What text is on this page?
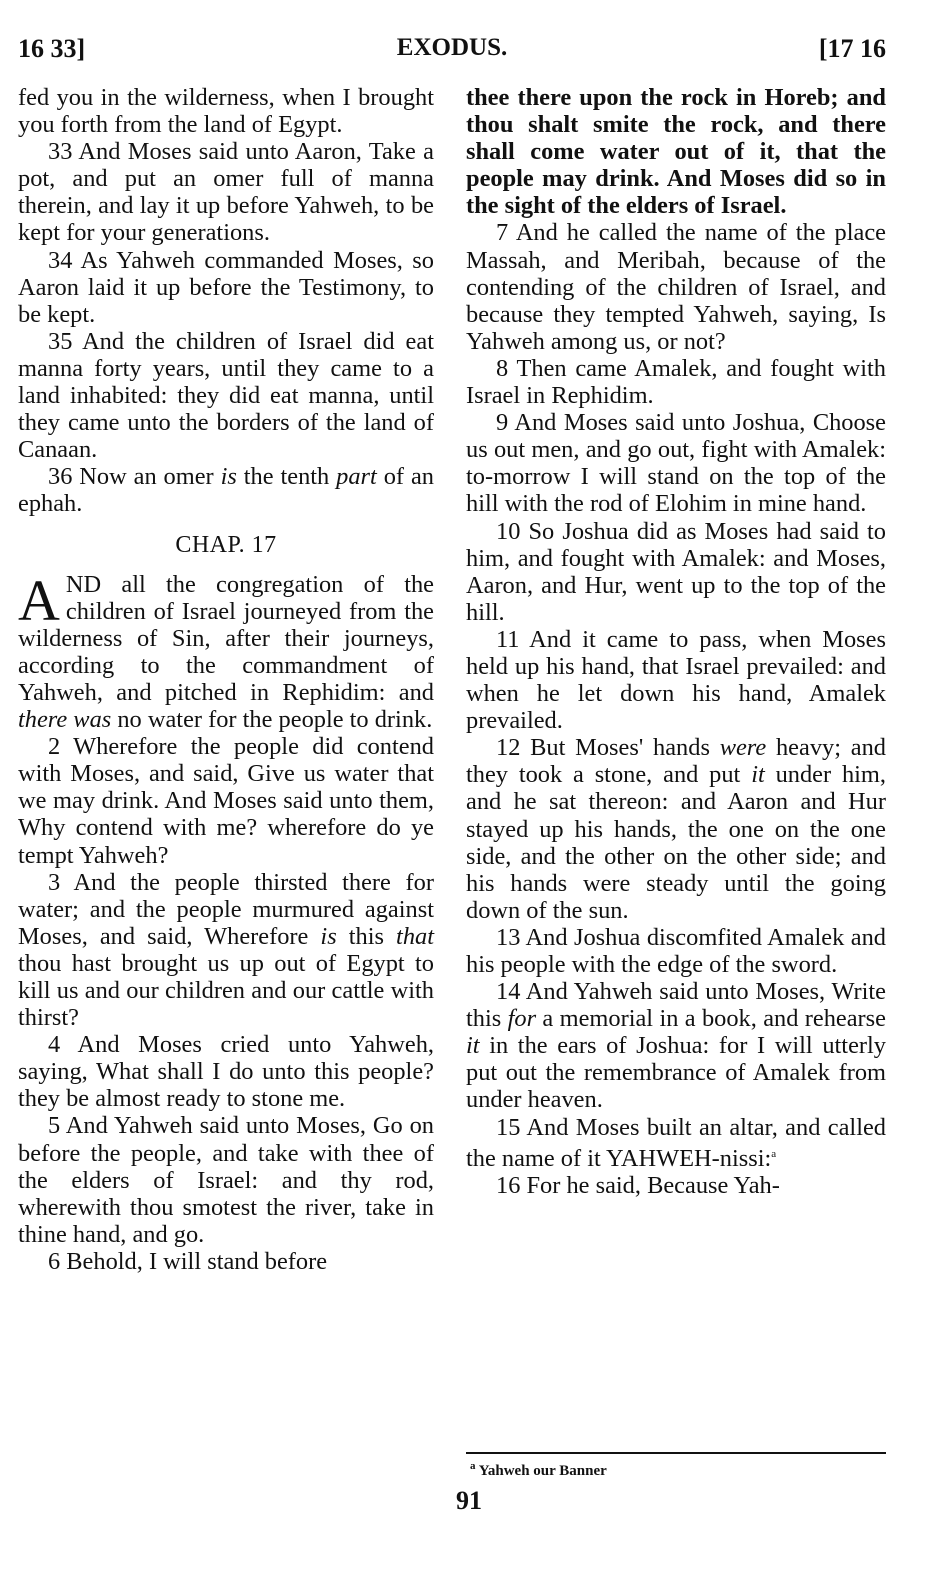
16 33]	EXODUS.	[17 16

fed you in the wilderness, when I brought you forth from the land of Egypt.

33 And Moses said unto Aaron, Take a pot, and put an omer full of manna therein, and lay it up before Yahweh, to be kept for your generations.

34 As Yahweh commanded Moses, so Aaron laid it up before the Testimony, to be kept.

35 And the children of Israel did eat manna forty years, until they came to a land inhabited: they did eat manna, until they came unto the borders of the land of Canaan.

36 Now an omer is the tenth part of an ephah.

CHAP. 17

AND all the congregation of the children of Israel journeyed from the wilderness of Sin, after their journeys, according to the commandment of Yahweh, and pitched in Rephidim: and there was no water for the people to drink.

2 Wherefore the people did contend with Moses, and said, Give us water that we may drink. And Moses said unto them, Why contend with me? wherefore do ye tempt Yahweh?

3 And the people thirsted there for water; and the people murmured against Moses, and said, Wherefore is this that thou hast brought us up out of Egypt to kill us and our children and our cattle with thirst?

4 And Moses cried unto Yahweh, saying, What shall I do unto this people? they be almost ready to stone me.

5 And Yahweh said unto Moses, Go on before the people, and take with thee of the elders of Israel: and thy rod, wherewith thou smotest the river, take in thine hand, and go.

6 Behold, I will stand before

thee there upon the rock in Horeb; and thou shalt smite the rock, and there shall come water out of it, that the people may drink. And Moses did so in the sight of the elders of Israel.

7 And he called the name of the place Massah, and Meribah, because of the contending of the children of Israel, and because they tempted Yahweh, saying, Is Yahweh among us, or not?

8 Then came Amalek, and fought with Israel in Rephidim.

9 And Moses said unto Joshua, Choose us out men, and go out, fight with Amalek: to-morrow I will stand on the top of the hill with the rod of Elohim in mine hand.

10 So Joshua did as Moses had said to him, and fought with Amalek: and Moses, Aaron, and Hur, went up to the top of the hill.

11 And it came to pass, when Moses held up his hand, that Israel prevailed: and when he let down his hand, Amalek prevailed.

12 But Moses' hands were heavy; and they took a stone, and put it under him, and he sat thereon: and Aaron and Hur stayed up his hands, the one on the one side, and the other on the other side; and his hands were steady until the going down of the sun.

13 And Joshua discomfited Amalek and his people with the edge of the sword.

14 And Yahweh said unto Moses, Write this for a memorial in a book, and rehearse it in the ears of Joshua: for I will utterly put out the remembrance of Amalek from under heaven.

15 And Moses built an altar, and called the name of it YAHWEH-nissi:$^a$

16 For he said, Because Yah-

$^a$ Yahweh our Banner
91
